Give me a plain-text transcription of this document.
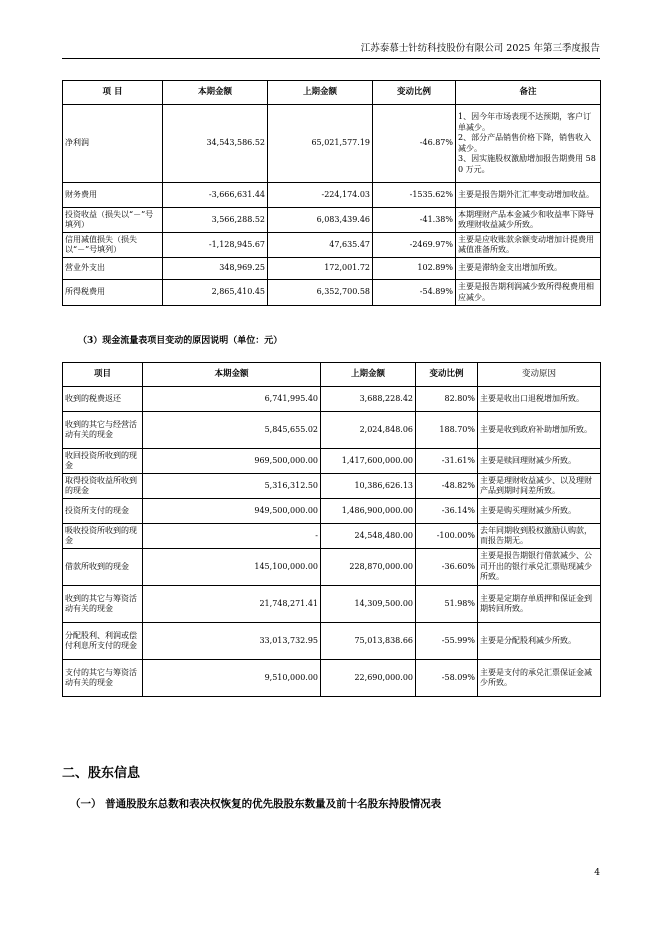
江苏泰慕士针纺科技股份有限公司 2025 年第三季度报告
项 目	本期金额	上期金额	变动比例	备注
净利润	34,543,586.52	65,021,577.19	-46.87%	1、因今年市场表现不达预期，客户订单减少。
2、部分产品销售价格下降，销售收入减少。
3、因实施股权激励增加报告期费用 580 万元。
财务费用	-3,666,631.44	-224,174.03	-1535.62%	主要是报告期外汇汇率变动增加收益。
投资收益（损失以“－”号填列）	3,566,288.52	6,083,439.46	-41.38%	本期理财产品本金减少和收益率下降导致理财收益减少所致。
信用减值损失（损失以“－”号填列）	-1,128,945.67	47,635.47	-2469.97%	主要是应收账款余额变动增加计提费用减值准备所致。
营业外支出	348,969.25	172,001.72	102.89%	主要是滞纳金支出增加所致。
所得税费用	2,865,410.45	6,352,700.58	-54.89%	主要是报告期利润减少致所得税费用相应减少。
（3）现金流量表项目变动的原因说明（单位：元）
项目	本期金额	上期金额	变动比例	变动原因
收到的税费返还	6,741,995.40	3,688,228.42	82.80%	主要是收出口退税增加所致。
收到的其它与经营活动有关的现金	5,845,655.02	2,024,848.06	188.70%	主要是收到政府补助增加所致。
收回投资所收到的现金	969,500,000.00	1,417,600,000.00	-31.61%	主要是赎回理财减少所致。
取得投资收益所收到的现金	5,316,312.50	10,386,626.13	-48.82%	主要是理财收益减少、以及理财产品到期时间差所致。
投资所支付的现金	949,500,000.00	1,486,900,000.00	-36.14%	主要是购买理财减少所致。
吸收投资所收到的现金	-	24,548,480.00	-100.00%	去年同期收到股权激励认购款，而报告期无。
借款所收到的现金	145,100,000.00	228,870,000.00	-36.60%	主要是报告期银行借款减少、公司开出的银行承兑汇票贴现减少所致。
收到的其它与筹资活动有关的现金	21,748,271.41	14,309,500.00	51.98%	主要是定期存单质押和保证金到期转回所致。
分配股利、利润或偿付利息所支付的现金	33,013,732.95	75,013,838.66	-55.99%	主要是分配股利减少所致。
支付的其它与筹资活动有关的现金	9,510,000.00	22,690,000.00	-58.09%	主要是支付的承兑汇票保证金减少所致。
二、股东信息
（一） 普通股股东总数和表决权恢复的优先股股东数量及前十名股东持股情况表
4
